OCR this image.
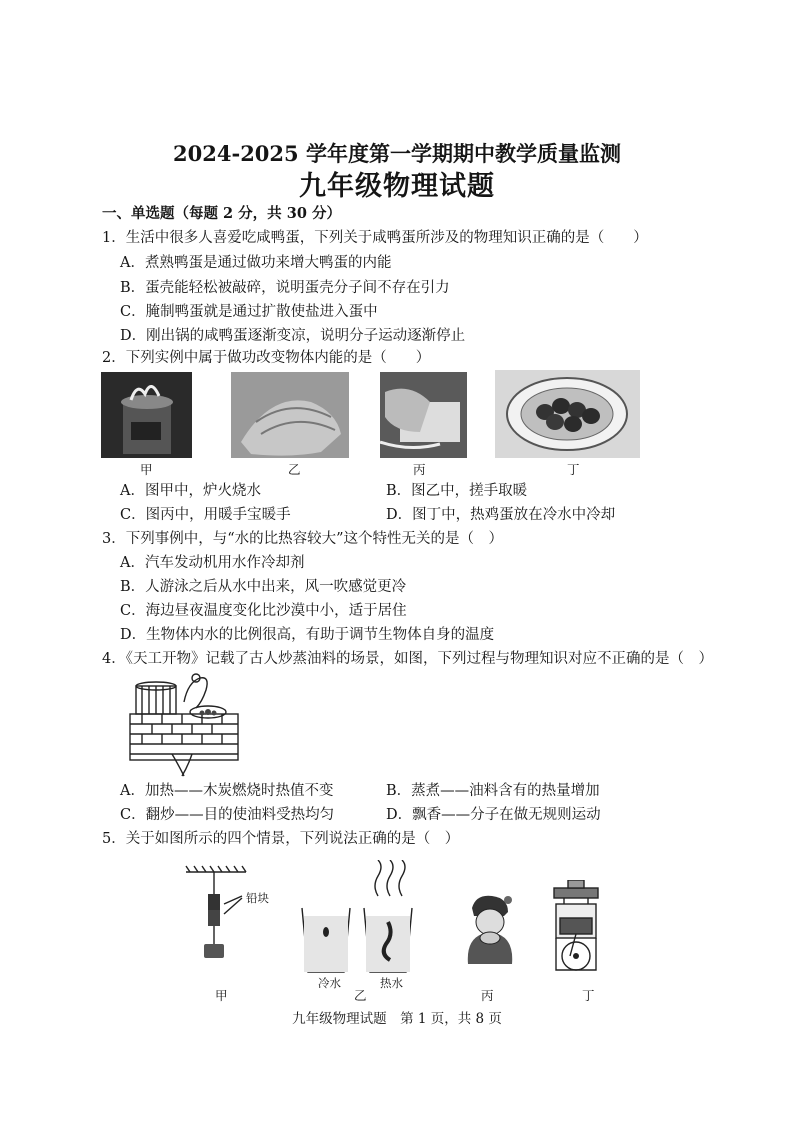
2024-2025 学年度第一学期期中教学质量监测
九年级物理试题
一、单选题（每题 2 分，共 30 分）
1．生活中很多人喜爱吃咸鸭蛋，下列关于咸鸭蛋所涉及的物理知识正确的是（　　）
A．煮熟鸭蛋是通过做功来增大鸭蛋的内能
B．蛋壳能轻松被敲碎，说明蛋壳分子间不存在引力
C．腌制鸭蛋就是通过扩散使盐进入蛋中
D．刚出锅的咸鸭蛋逐渐变凉，说明分子运动逐渐停止
2．下列实例中属于做功改变物体内能的是（　　）
甲	乙	丙	丁
A．图甲中，炉火烧水	B．图乙中，搓手取暖
C．图丙中，用暖手宝暖手	D．图丁中，热鸡蛋放在冷水中冷却
3．下列事例中，与“水的比热容较大”这个特性无关的是（　）
A．汽车发动机用水作冷却剂
B．人游泳之后从水中出来，风一吹感觉更冷
C．海边昼夜温度变化比沙漠中小，适于居住
D．生物体内水的比例很高，有助于调节生物体自身的温度
4．《天工开物》记载了古人炒蒸油料的场景，如图，下列过程与物理知识对应不正确的是（　）
A．加热——木炭燃烧时热值不变	B．蒸煮——油料含有的热量增加
C．翻炒——目的使油料受热均匀	D．飘香——分子在做无规则运动
5．关于如图所示的四个情景，下列说法正确的是（　）
铅块
冷水	热水
甲	乙	丙	丁
九年级物理试题　第 1 页，共 8 页
